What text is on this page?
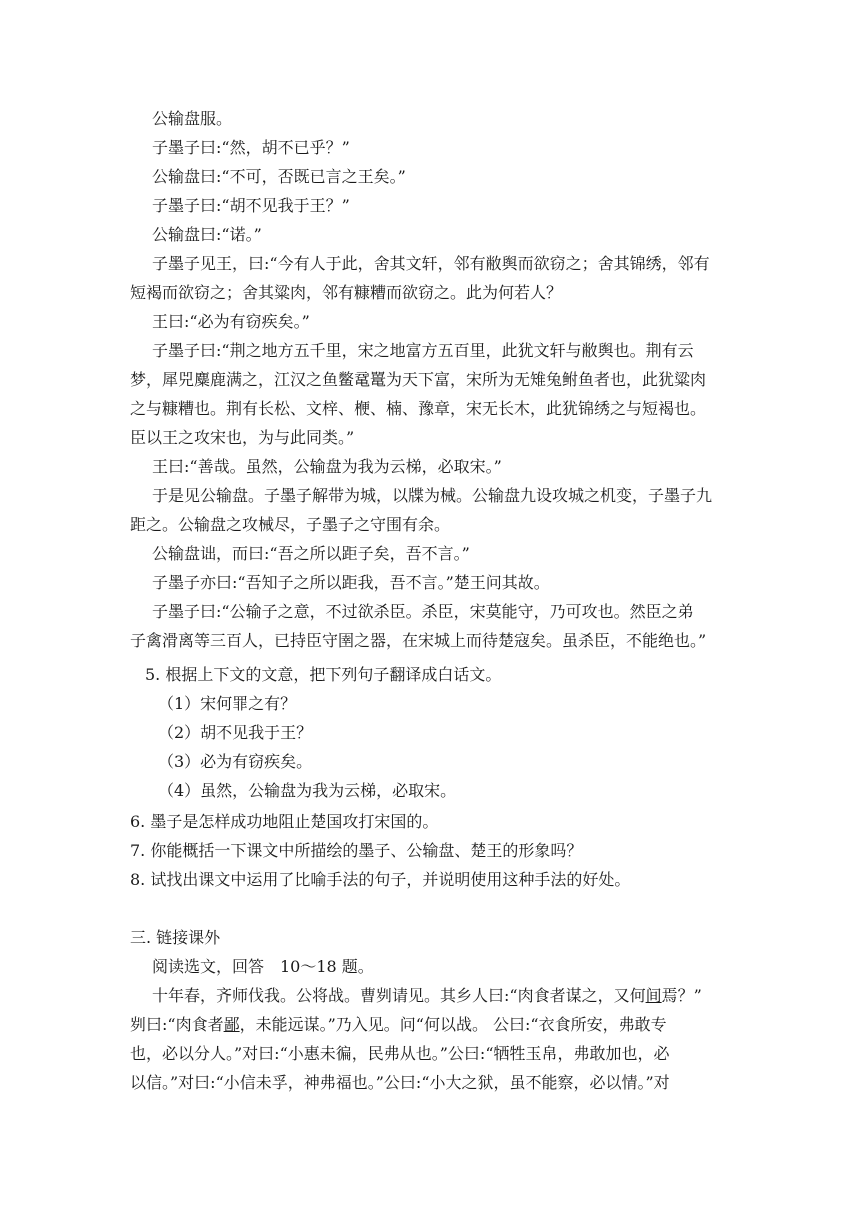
公输盘服。
子墨子曰:“然，胡不已乎？”
公输盘曰:“不可，否既已言之王矣。”
子墨子曰:“胡不见我于王？”
公输盘曰:“诺。”
子墨子见王，曰:“今有人于此，舍其文轩，邻有敝舆而欲窃之；舍其锦绣，邻有
短褐而欲窃之；舍其粱肉，邻有糠糟而欲窃之。此为何若人？
王曰:“必为有窃疾矣。”
子墨子曰:“荆之地方五千里，宋之地富方五百里，此犹文轩与敝舆也。荆有云
梦，犀兕麋鹿满之，江汉之鱼鳖鼋鼍为天下富，宋所为无雉兔鲋鱼者也，此犹粱肉
之与糠糟也。荆有长松、文梓、楩、楠、豫章，宋无长木，此犹锦绣之与短褐也。
臣以王之攻宋也，为与此同类。”
王曰:“善哉。虽然，公输盘为我为云梯，必取宋。”
于是见公输盘。子墨子解带为城，以牒为械。公输盘九设攻城之机变，子墨子九
距之。公输盘之攻械尽，子墨子之守围有余。
公输盘诎，而曰:“吾之所以距子矣，吾不言。”
子墨子亦曰:“吾知子之所以距我，吾不言。”楚王问其故。
子墨子曰:“公输子之意，不过欲杀臣。杀臣，宋莫能守，乃可攻也。然臣之弟
子禽滑离等三百人，已持臣守圉之器，在宋城上而待楚寇矣。虽杀臣，不能绝也。”
5. 根据上下文的文意，把下列句子翻译成白话文。
（1）宋何罪之有？
（2）胡不见我于王？
（3）必为有窃疾矣。
（4）虽然，公输盘为我为云梯，必取宋。
6. 墨子是怎样成功地阻止楚国攻打宋国的。
7. 你能概括一下课文中所描绘的墨子、公输盘、楚王的形象吗？
8. 试找出课文中运用了比喻手法的句子，并说明使用这种手法的好处。
三. 链接课外
阅读选文，回答　10～18 题。
十年春，齐师伐我。公将战。曹刿请见。其乡人曰:“肉食者谋之，又何间焉？”
刿曰:“肉食者鄙，未能远谋。”乃入见。问“何以战。 公曰:“衣食所安，弗敢专
也，必以分人。”对曰:“小惠未徧，民弗从也。”公曰:“牺牲玉帛，弗敢加也，必
以信。”对曰:“小信未孚，神弗福也。”公曰:“小大之狱，虽不能察，必以情。”对
